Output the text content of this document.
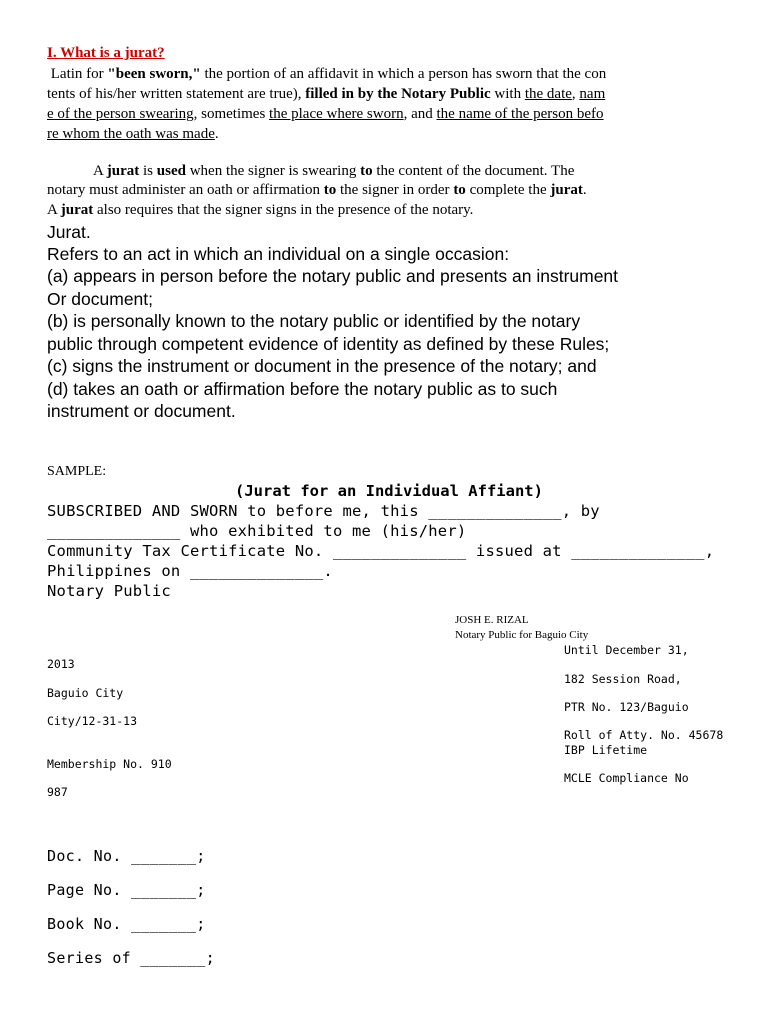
I. What is a jurat?
Latin for "been sworn," the portion of an affidavit in which a person has sworn that the con
tents of his/her written statement are true), filled in by the Notary Public with the date, nam
e of the person swearing, sometimes the place where sworn, and the name of the person befo
re whom the oath was made.
A jurat is used when the signer is swearing to the content of the document. The
notary must administer an oath or affirmation to the signer in order to complete the jurat.
A jurat also requires that the signer signs in the presence of the notary.
Jurat.
Refers to an act in which an individual on a single occasion:
(a) appears in person before the notary public and presents an instrument
Or document;
(b) is personally known to the notary public or identified by the notary
public through competent evidence of identity as defined by these Rules;
(c) signs the instrument or document in the presence of the notary; and
(d) takes an oath or affirmation before the notary public as to such
instrument or document.
SAMPLE:
(Jurat for an Individual Affiant)
SUBSCRIBED AND SWORN to before me, this ______________, by
______________ who exhibited to me (his/her)
Community Tax Certificate No. ______________ issued at ______________,
Philippines on ______________.
Notary Public
JOSH E. RIZAL
Notary Public for Baguio City
Until December 31,
182 Session Road,
PTR No. 123/Baguio
Roll of Atty. No. 45678
IBP Lifetime
MCLE Compliance No
2013
Baguio City
City/12-31-13
Membership No. 910
987
Doc. No. _______;
Page No. _______;
Book No. _______;
Series of _______;
